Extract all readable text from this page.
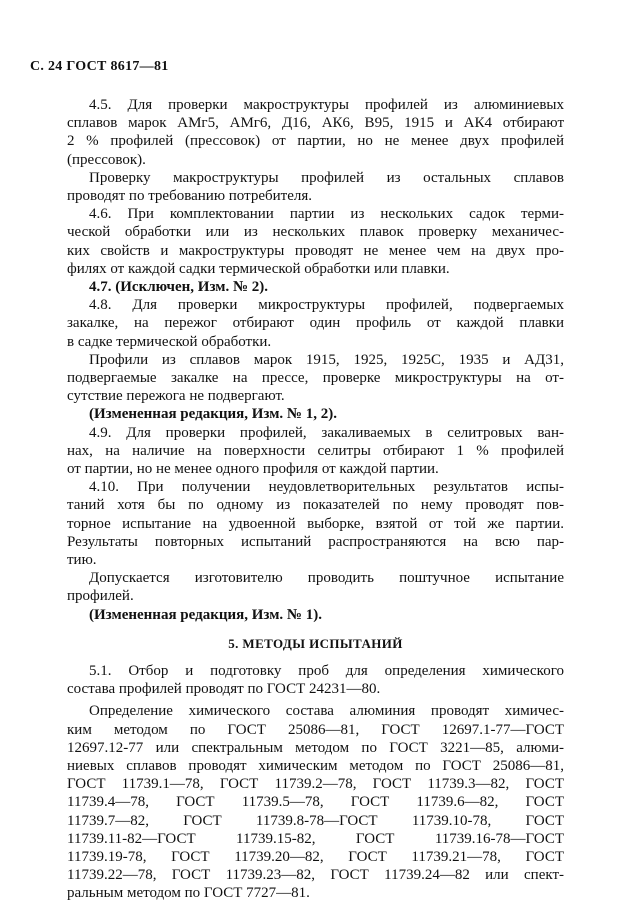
С. 24 ГОСТ 8617—81
4.5. Для проверки макроструктуры профилей из алюминиевых
сплавов марок АМг5, АМг6, Д16, АК6, В95, 1915 и АК4 отбирают
2 % профилей (прессовок) от партии, но не менее двух профилей
(прессовок).
Проверку макроструктуры профилей из остальных сплавов
проводят по требованию потребителя.
4.6. При комплектовании партии из нескольких садок терми-
ческой обработки или из нескольких плавок проверку механичес-
ких свойств и макроструктуры проводят не менее чем на двух про-
филях от каждой садки термической обработки или плавки.
4.7. (Исключен, Изм. № 2).
4.8. Для проверки микроструктуры профилей, подвергаемых
закалке, на пережог отбирают один профиль от каждой плавки
в садке термической обработки.
Профили из сплавов марок 1915, 1925, 1925С, 1935 и АД31,
подвергаемые закалке на прессе, проверке микроструктуры на от-
сутствие пережога не подвергают.
(Измененная редакция, Изм. № 1, 2).
4.9. Для проверки профилей, закаливаемых в селитровых ван-
нах, на наличие на поверхности селитры отбирают 1 % профилей
от партии, но не менее одного профиля от каждой партии.
4.10. При получении неудовлетворительных результатов испы-
таний хотя бы по одному из показателей по нему проводят пов-
торное испытание на удвоенной выборке, взятой от той же партии.
Результаты повторных испытаний распространяются на всю пар-
тию.
Допускается изготовителю проводить поштучное испытание
профилей.
(Измененная редакция, Изм. № 1).
5. МЕТОДЫ ИСПЫТАНИЙ
5.1. Отбор и подготовку проб для определения химического
состава профилей проводят по ГОСТ 24231—80.
Определение химического состава алюминия проводят химичес-
ким методом по ГОСТ 25086—81, ГОСТ 12697.1-77—ГОСТ
12697.12-77 или спектральным методом по ГОСТ 3221—85, алюми-
ниевых сплавов проводят химическим методом по ГОСТ 25086—81,
ГОСТ 11739.1—78, ГОСТ 11739.2—78, ГОСТ 11739.3—82, ГОСТ
11739.4—78, ГОСТ 11739.5—78, ГОСТ 11739.6—82, ГОСТ
11739.7—82, ГОСТ 11739.8-78—ГОСТ 11739.10-78, ГОСТ
11739.11-82—ГОСТ 11739.15-82, ГОСТ 11739.16-78—ГОСТ
11739.19-78, ГОСТ 11739.20—82, ГОСТ 11739.21—78, ГОСТ
11739.22—78, ГОСТ 11739.23—82, ГОСТ 11739.24—82 или спект-
ральным методом по ГОСТ 7727—81.
